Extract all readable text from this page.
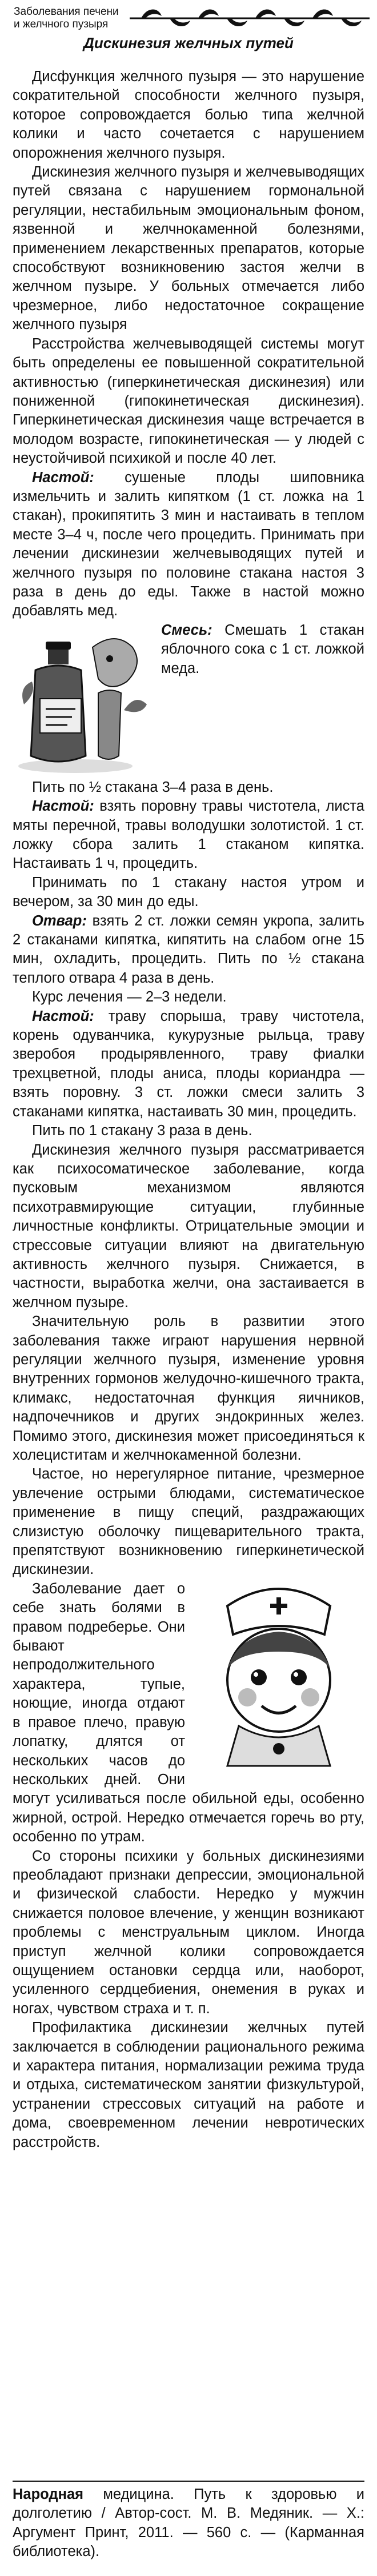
Заболевания печени
и желчного пузыря
Дискинезия желчных путей

Дисфункция желчного пузыря — это нарушение сократительной способности желчного пузыря, которое сопровождается болью типа желчной колики и часто сочетается с нарушением опорожнения желчного пузыря.

Дискинезия желчного пузыря и желчевыводящих путей связана с нарушением гормональной регуляции, нестабильным эмоциональным фоном, язвенной и желчнокаменной болезнями, применением лекарственных препаратов, которые способствуют возникновению застоя желчи в желчном пузыре. У больных отмечается либо чрезмерное, либо недостаточное сокращение желчного пузыря

Расстройства желчевыводящей системы могут быть определены ее повышенной сократительной активностью (гиперкинетическая дискинезия) или пониженной (гипокинетическая дискинезия). Гиперкинетическая дискинезия чаще встречается в молодом возрасте, гипокинетическая — у людей с неустойчивой психикой и после 40 лет.

Настой: сушеные плоды шиповника измельчить и залить кипятком (1 ст. ложка на 1 стакан), прокипятить 3 мин и настаивать в теплом месте 3–4 ч, после чего процедить. Принимать при лечении дискинезии желчевыводящих путей и желчного пузыря по половине стакана настоя 3 раза в день до еды. Также в настой можно добавлять мед.

Смесь: Смешать 1 стакан яблочного сока с 1 ст. ложкой меда.

Пить по ½ стакана 3–4 раза в день.

Настой: взять поровну травы чистотела, листа мяты перечной, травы володушки золотистой. 1 ст. ложку сбора залить 1 стаканом кипятка. Настаивать 1 ч, процедить.

Принимать по 1 стакану настоя утром и вечером, за 30 мин до еды.

Отвар: взять 2 ст. ложки семян укропа, залить 2 стаканами кипятка, кипятить на слабом огне 15 мин, охладить, процедить. Пить по ½ стакана теплого отвара 4 раза в день.

Курс лечения — 2–3 недели.

Настой: траву спорыша, траву чистотела, корень одуванчика, кукурузные рыльца, траву зверобоя продырявленного, траву фиалки трехцветной, плоды аниса, плоды кориандра — взять поровну. 3 ст. ложки смеси залить 3 стаканами кипятка, настаивать 30 мин, процедить.

Пить по 1 стакану 3 раза в день.

Дискинезия желчного пузыря рассматривается как психосоматическое заболевание, когда пусковым механизмом являются психотравмирующие ситуации, глубинные личностные конфликты. Отрицательные эмоции и стрессовые ситуации влияют на двигательную активность желчного пузыря. Снижается, в частности, выработка желчи, она застаивается в желчном пузыре.

Значительную роль в развитии этого заболевания также играют нарушения нервной регуляции желчного пузыря, изменение уровня внутренних гормонов желудочно-кишечного тракта, климакс, недостаточная функция яичников, надпочечников и других эндокринных желез. Помимо этого, дискинезия может присоединяться к холециститам и желчнокаменной болезни.

Частое, но нерегулярное питание, чрезмерное увлечение острыми блюдами, систематическое применение в пищу специй, раздражающих слизистую оболочку пищеварительного тракта, препятствуют возникновению гиперкинетической дискинезии.

Заболевание дает о себе знать болями в правом подреберье. Они бывают непродолжительного характера, тупые, ноющие, иногда отдают в правое плечо, правую лопатку, длятся от нескольких часов до нескольких дней. Они могут усиливаться после обильной еды, особенно жирной, острой. Нередко отмечается горечь во рту, особенно по утрам.

Со стороны психики у больных дискинезиями преобладают признаки депрессии, эмоциональной и физической слабости. Нередко у мужчин снижается половое влечение, у женщин возникают проблемы с менструальным циклом. Иногда приступ желчной колики сопровождается ощущением остановки сердца или, наоборот, усиленного сердцебиения, онемения в руках и ногах, чувством страха и т. п.

Профилактика дискинезии желчных путей заключается в соблюдении рационального режима и характера питания, нормализации режима труда и отдыха, систематическом занятии физкультурой, устранении стрессовых ситуаций на работе и дома, своевременном лечении невротических расстройств.

Народная медицина. Путь к здоровью и долголетию / Автор-сост. М. В. Медяник. — Х.: Аргумент Принт, 2011. — 560 с. — (Карманная библиотека).
